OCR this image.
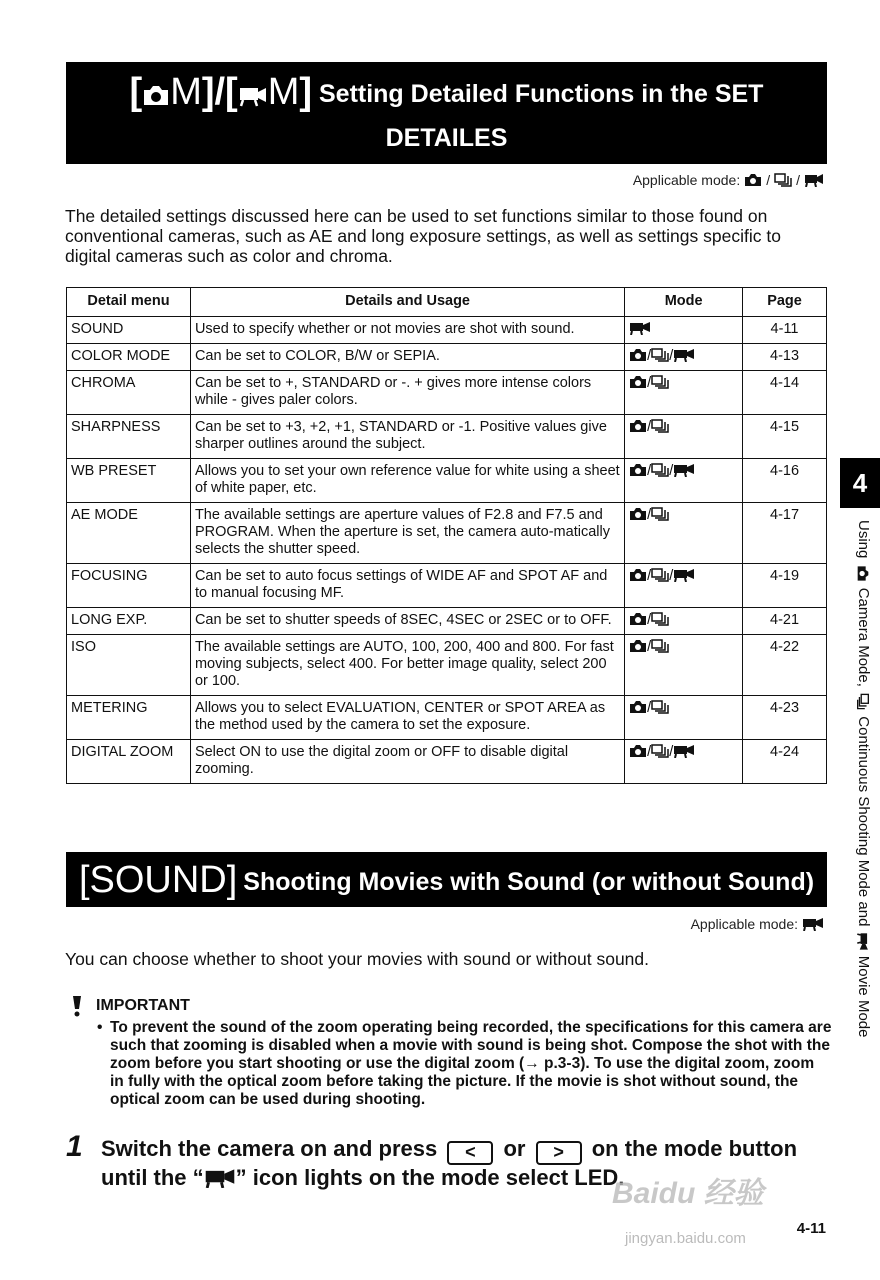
[ M]/[ M] Setting Detailed Functions in the SET
DETAILES
Applicable mode: / /
The detailed settings discussed here can be used to set functions similar to those found on conventional cameras, such as AE and long exposure settings, as well as settings specific to digital cameras such as color and chroma.
Detail menu	Details and Usage	Mode	Page
SOUND	Used to specify whether or not movies are shot with sound.		4-11
COLOR MODE	Can be set to COLOR, B/W or SEPIA.	/ /	4-13
CHROMA	Can be set to +, STANDARD or -. + gives more intense colors while - gives paler colors.	/	4-14
SHARPNESS	Can be set to +3, +2, +1, STANDARD or -1. Positive values give sharper outlines around the subject.	/	4-15
WB PRESET	Allows you to set your own reference value for white using a sheet of white paper, etc.	/ /	4-16
AE MODE	The available settings are aperture values of F2.8 and F7.5 and PROGRAM. When the aperture is set, the camera auto-matically selects the shutter speed.	/	4-17
FOCUSING	Can be set to auto focus settings of WIDE AF and SPOT AF and to manual focusing MF.	/ /	4-19
LONG EXP.	Can be set to shutter speeds of 8SEC, 4SEC or 2SEC or to OFF.	/	4-21
ISO	The available settings are AUTO, 100, 200, 400 and 800. For fast moving subjects, select 400. For better image quality, select 200 or 100.	/	4-22
METERING	Allows you to select EVALUATION, CENTER or SPOT AREA as the method used by the camera to set the exposure.	/	4-23
DIGITAL ZOOM	Select ON to use the digital zoom or OFF to disable digital zooming.	/ /	4-24
4
Using  Camera Mode,  Continuous Shooting Mode and  Movie Mode
[SOUND] Shooting Movies with Sound (or without Sound)
Applicable mode:
You can choose whether to shoot your movies with sound or without sound.
IMPORTANT
• To prevent the sound of the zoom operating being recorded, the specifications for this camera are such that zooming is disabled when a movie with sound is being shot. Compose the shot with the zoom before you start shooting or use the digital zoom (→ p.3-3). To use the digital zoom, zoom in fully with the optical zoom before taking the picture. If the movie is shot without sound, the optical zoom can be used during shooting.
1 Switch the camera on and press < or > on the mode button until the “ ” icon lights on the mode select LED.
Baidu 经验
jingyan.baidu.com
4-11
